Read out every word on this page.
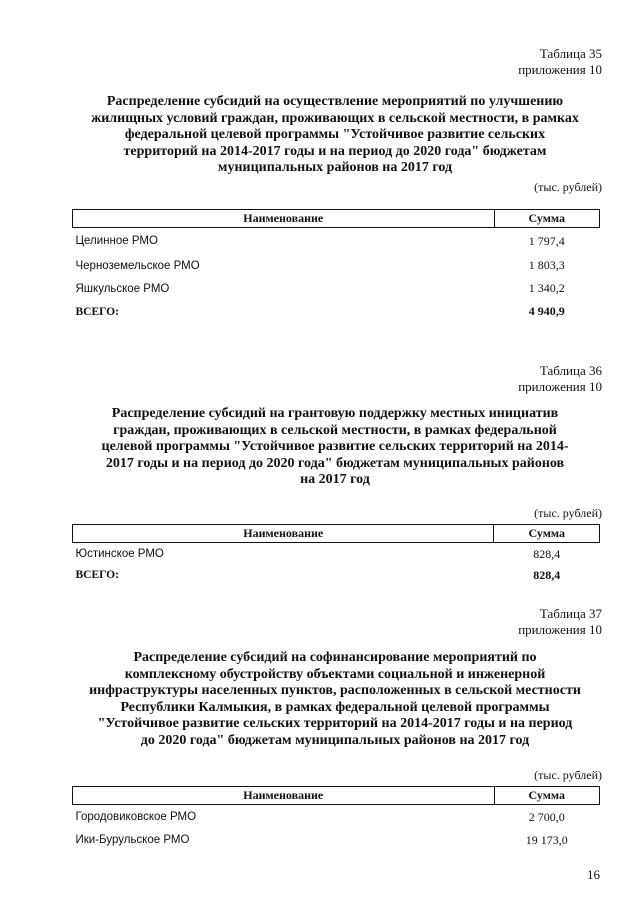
Таблица 35
приложения 10
Распределение субсидий на осуществление мероприятий по улучшению
жилищных условий граждан, проживающих в сельской местности, в рамках
федеральной целевой программы "Устойчивое развитие сельских
территорий на 2014-2017 годы и на период до 2020 года" бюджетам
муниципальных районов на 2017 год
(тыс. рублей)
Наименование	Сумма
Целинное РМО	1 797,4
Черноземельское РМО	1 803,3
Яшкульское РМО	1 340,2
ВСЕГО:	4 940,9
Таблица 36
приложения 10
Распределение субсидий на грантовую поддержку местных инициатив
граждан, проживающих в сельской местности, в рамках федеральной
целевой программы "Устойчивое развитие сельских территорий на 2014-
2017 годы и на период до 2020 года" бюджетам муниципальных районов
на 2017 год
(тыс. рублей)
Наименование	Сумма
Юстинское РМО	828,4
ВСЕГО:	828,4
Таблица 37
приложения 10
Распределение субсидий на софинансирование мероприятий по
комплексному обустройству объектами социальной и инженерной
инфраструктуры населенных пунктов, расположенных в сельской местности
Республики Калмыкия, в рамках федеральной целевой программы
"Устойчивое развитие сельских территорий на 2014-2017 годы и на период
до 2020 года" бюджетам муниципальных районов на 2017 год
(тыс. рублей)
Наименование	Сумма
Городовиковское РМО	2 700,0
Ики-Бурульское РМО	19 173,0
16
